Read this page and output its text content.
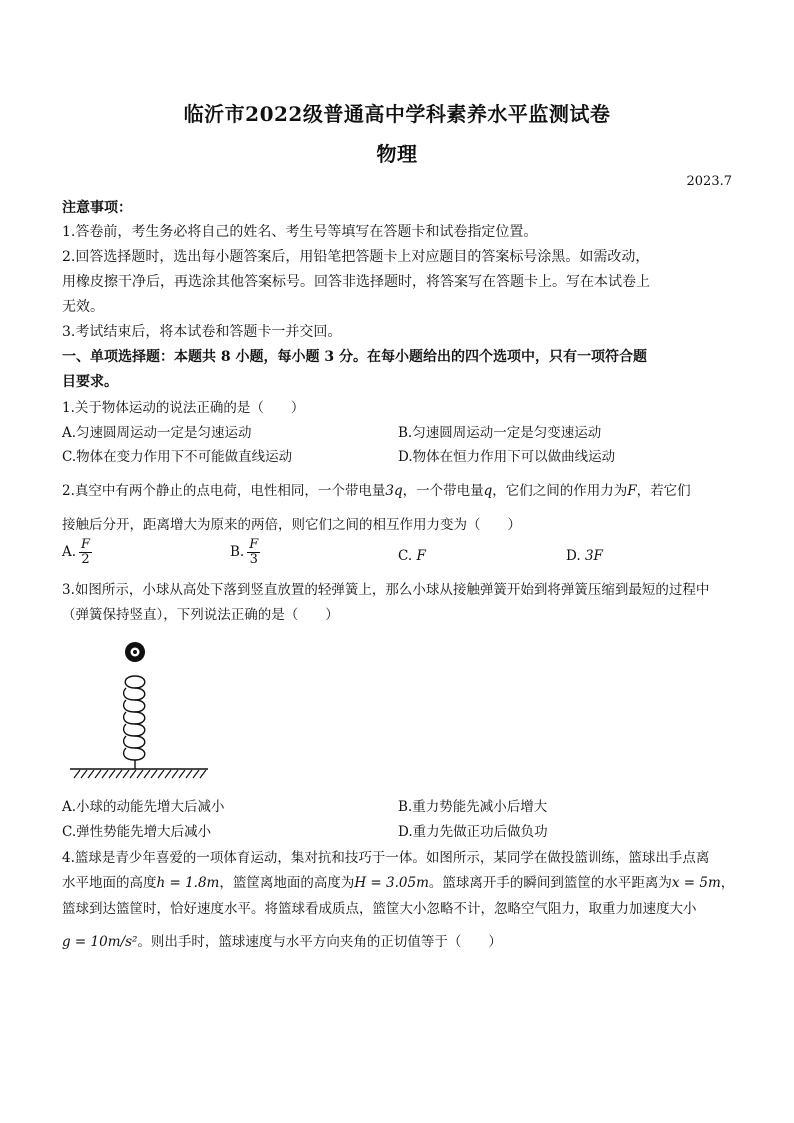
临沂市2022级普通高中学科素养水平监测试卷
物理
2023.7
注意事项：
1.答卷前，考生务必将自己的姓名、考生号等填写在答题卡和试卷指定位置。
2.回答选择题时，选出每小题答案后，用铅笔把答题卡上对应题目的答案标号涂黑。如需改动，
用橡皮擦干净后，再选涂其他答案标号。回答非选择题时，将答案写在答题卡上。写在本试卷上
无效。
3.考试结束后，将本试卷和答题卡一并交回。
一、单项选择题：本题共 8 小题，每小题 3 分。在每小题给出的四个选项中，只有一项符合题
目要求。
1.关于物体运动的说法正确的是（　　）
A.匀速圆周运动一定是匀速运动	B.匀速圆周运动一定是匀变速运动
C.物体在变力作用下不可能做直线运动	D.物体在恒力作用下可以做曲线运动
2.真空中有两个静止的点电荷，电性相同，一个带电量3q，一个带电量q，它们之间的作用力为F，若它们
接触后分开，距离增大为原来的两倍，则它们之间的相互作用力变为（　　）
A. $\frac{F}{2}$	B. $\frac{F}{3}$	C. F	D. 3F
3.如图所示，小球从高处下落到竖直放置的轻弹簧上，那么小球从接触弹簧开始到将弹簧压缩到最短的过程中
（弹簧保持竖直），下列说法正确的是（　　）
A.小球的动能先增大后减小	B.重力势能先减小后增大
C.弹性势能先增大后减小	D.重力先做正功后做负功
4.篮球是青少年喜爱的一项体育运动，集对抗和技巧于一体。如图所示，某同学在做投篮训练，篮球出手点离
水平地面的高度h = 1.8m，篮筐离地面的高度为H = 3.05m。篮球离开手的瞬间到篮筐的水平距离为x = 5m，
篮球到达篮筐时，恰好速度水平。将篮球看成质点，篮筐大小忽略不计，忽略空气阻力，取重力加速度大小
g = 10m/s²。则出手时，篮球速度与水平方向夹角的正切值等于（　　）
